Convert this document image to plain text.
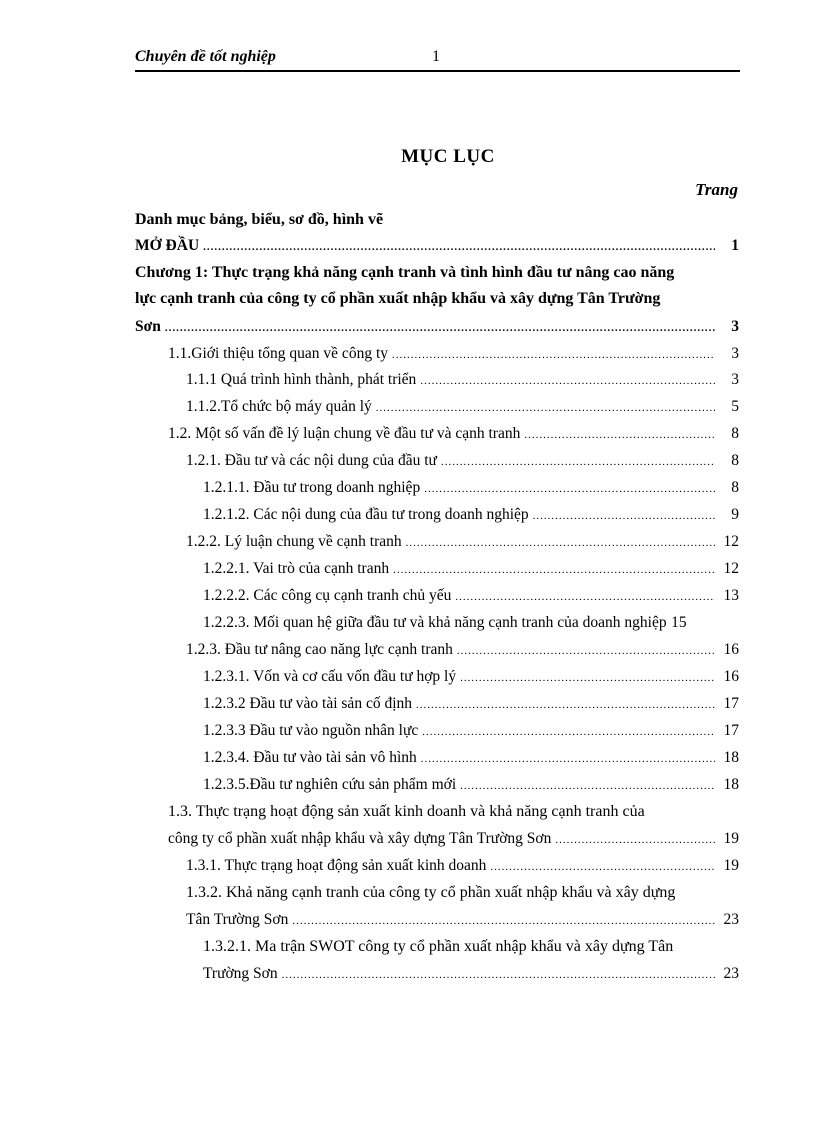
Chuyên đề tốt nghiệp	1
MỤC LỤC
Trang
Danh mục bảng, biểu, sơ đồ, hình vẽ
MỞ ĐẦU .....	1
Chương 1: Thực trạng khả năng cạnh tranh và tình hình đầu tư nâng cao năng
lực cạnh tranh của công ty cổ phần xuất nhập khẩu và xây dựng Tân Trường
Sơn .....	3
1.1.Giới thiệu tổng quan về công ty .....	3
1.1.1 Quá trình hình thành, phát triển .....	3
1.1.2.Tổ chức bộ máy quản lý .....	5
1.2. Một số vấn đề lý luận chung về đầu tư và cạnh tranh .....	8
1.2.1. Đầu tư và các nội dung của đầu tư .....	8
1.2.1.1. Đầu tư trong doanh nghiệp .....	8
1.2.1.2. Các nội dung của đầu tư trong doanh nghiệp .....	9
1.2.2. Lý luận chung về cạnh tranh .....	12
1.2.2.1. Vai trò của cạnh tranh .....	12
1.2.2.2. Các công cụ cạnh tranh chủ yếu .....	13
1.2.2.3. Mối quan hệ giữa đầu tư và khả năng cạnh tranh của doanh nghiệp 15
1.2.3. Đầu tư nâng cao năng lực cạnh tranh .....	16
1.2.3.1. Vốn và cơ cấu vốn đầu tư hợp lý .....	16
1.2.3.2 Đầu tư vào tài sản cố định .....	17
1.2.3.3 Đầu tư vào nguồn nhân lực .....	17
1.2.3.4. Đầu tư vào tài sản vô hình .....	18
1.2.3.5.Đầu tư nghiên cứu sản phẩm mới .....	18
1.3. Thực trạng hoạt động sản xuất kinh doanh và khả năng cạnh tranh của
công ty cổ phần xuất nhập khẩu và xây dựng Tân Trường Sơn .....	19
1.3.1. Thực trạng hoạt động sản xuất kinh doanh .....	19
1.3.2. Khả năng cạnh tranh của công ty cổ phần xuất nhập khẩu và xây dựng
Tân Trường Sơn .....	23
1.3.2.1. Ma trận SWOT công ty cổ phần xuất nhập khẩu và xây dựng Tân
Trường Sơn .....	23
